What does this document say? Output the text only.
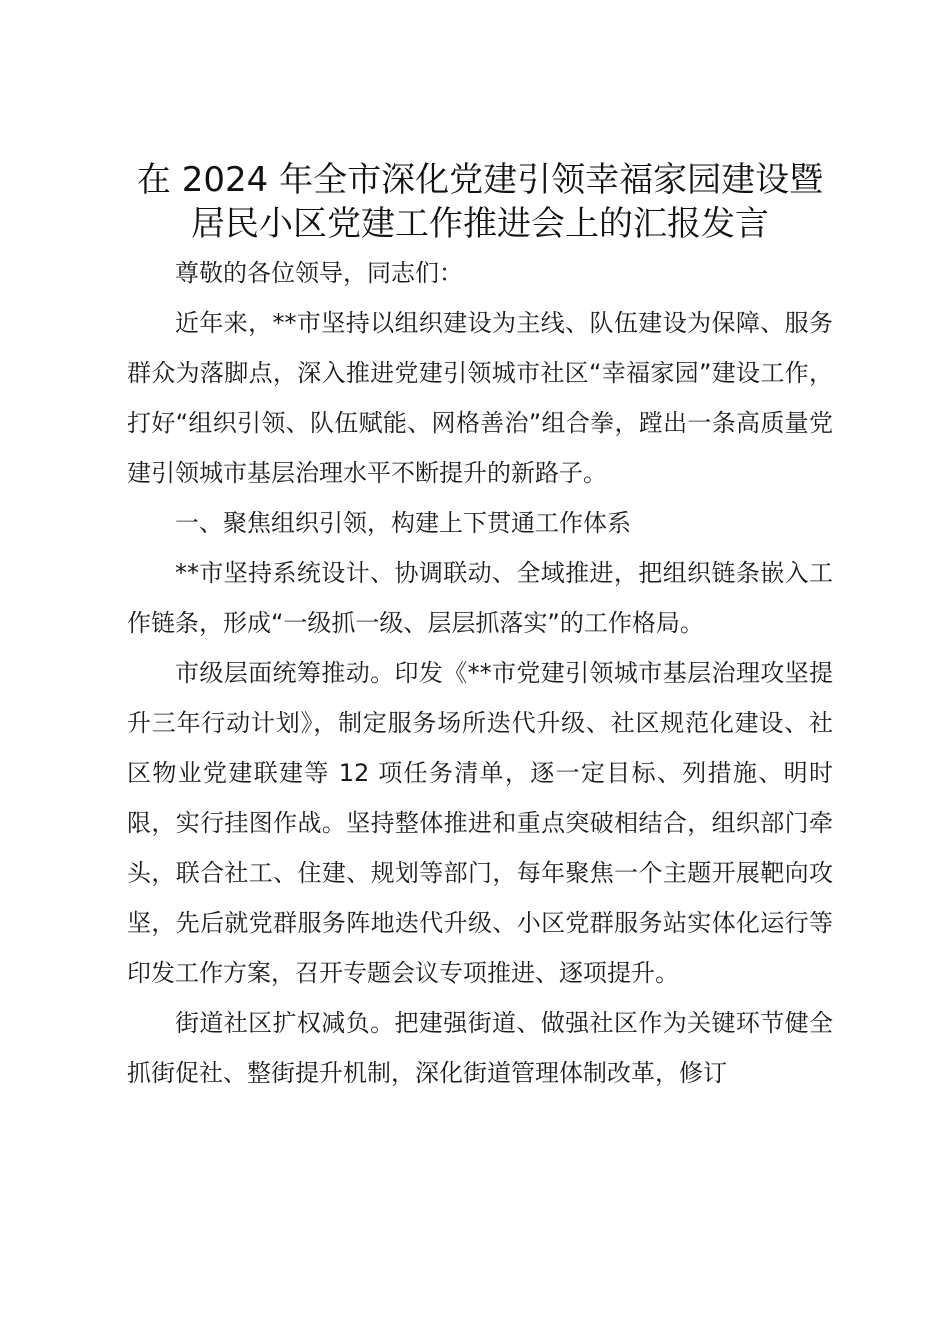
在 2024 年全市深化党建引领幸福家园建设暨
居民小区党建工作推进会上的汇报发言

尊敬的各位领导，同志们：

近年来，**市坚持以组织建设为主线、队伍建设为保障、服务群众为落脚点，深入推进党建引领城市社区“幸福家园”建设工作，打好“组织引领、队伍赋能、网格善治”组合拳，蹚出一条高质量党建引领城市基层治理水平不断提升的新路子。

一、聚焦组织引领，构建上下贯通工作体系

**市坚持系统设计、协调联动、全域推进，把组织链条嵌入工作链条，形成“一级抓一级、层层抓落实”的工作格局。

市级层面统筹推动。印发《**市党建引领城市基层治理攻坚提升三年行动计划》，制定服务场所迭代升级、社区规范化建设、社区物业党建联建等 12 项任务清单，逐一定目标、列措施、明时限，实行挂图作战。坚持整体推进和重点突破相结合，组织部门牵头，联合社工、住建、规划等部门，每年聚焦一个主题开展靶向攻坚，先后就党群服务阵地迭代升级、小区党群服务站实体化运行等印发工作方案，召开专题会议专项推进、逐项提升。

街道社区扩权减负。把建强街道、做强社区作为关键环节健全抓街促社、整街提升机制，深化街道管理体制改革，修订
